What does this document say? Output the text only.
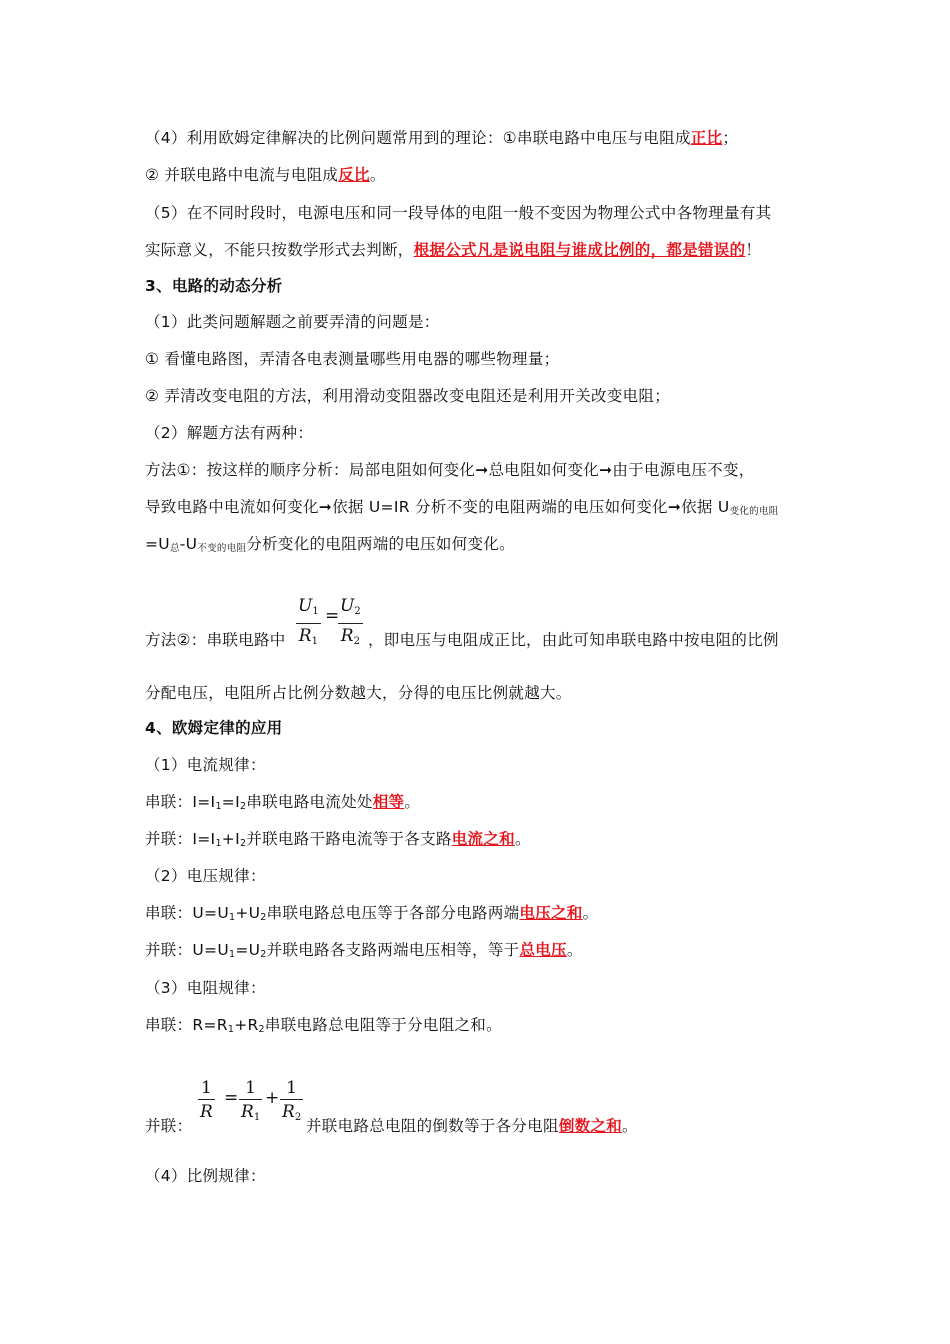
（4）利用欧姆定律解决的比例问题常用到的理论：①串联电路中电压与电阻成正比；
② 并联电路中电流与电阻成反比。
（5）在不同时段时，电源电压和同一段导体的电阻一般不变因为物理公式中各物理量有其
实际意义，不能只按数学形式去判断，根据公式凡是说电阻与谁成比例的，都是错误的！
3、电路的动态分析
（1）此类问题解题之前要弄清的问题是：
① 看懂电路图，弄清各电表测量哪些用电器的哪些物理量；
② 弄清改变电阻的方法，利用滑动变阻器改变电阻还是利用开关改变电阻；
（2）解题方法有两种：
方法①：按这样的顺序分析：局部电阻如何变化➞总电阻如何变化➞由于电源电压不变，
导致电路中电流如何变化➞依据 U=IR 分析不变的电阻两端的电压如何变化➞依据 $U_{变化的电阻}$
$=U_总-U_{不变的电阻}$分析变化的电阻两端的电压如何变化。
$\frac{U1}{R1}$ =
$\frac{U2}{R2}$
方法②：串联电路中	，即电压与电阻成正比，由此可知串联电路中按电阻的比例
分配电压，电阻所占比例分数越大，分得的电压比例就越大。
4、欧姆定律的应用
（1）电流规律：
串联：$I=I_1=I_2$串联电路电流处处相等。
并联：$I=I_1+I_2$并联电路干路电流等于各支路电流之和。
（2）电压规律：
串联：$U=U_1+U_2$串联电路总电压等于各部分电路两端电压之和。
并联：$U=U_1=U_2$并联电路各支路两端电压相等，等于总电压。
（3）电阻规律：
串联：$R=R_1+R_2$串联电路总电阻等于分电阻之和。
$\frac{1}{R} = \frac{1}{R1} + \frac{1}{R2}$
并联：	并联电路总电阻的倒数等于各分电阻倒数之和。
（4）比例规律：
